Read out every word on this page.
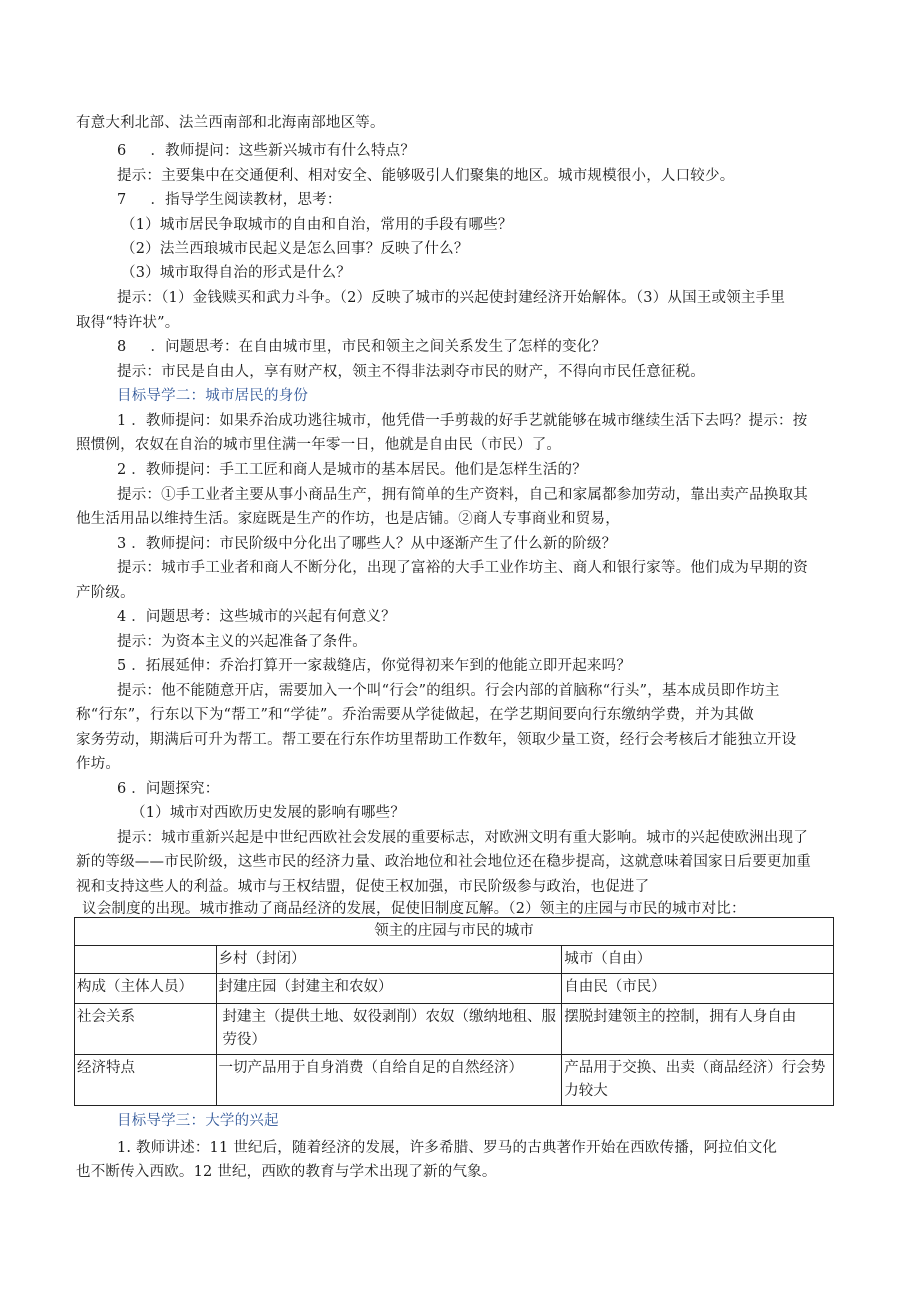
有意大利北部、法兰西南部和北海南部地区等。
6     ．教师提问：这些新兴城市有什么特点？
提示：主要集中在交通便利、相对安全、能够吸引人们聚集的地区。城市规模很小，人口较少。
7     ．指导学生阅读教材，思考：
（1）城市居民争取城市的自由和自治，常用的手段有哪些？
（2）法兰西琅城市民起义是怎么回事？反映了什么？
（3）城市取得自治的形式是什么？
提示：（1）金钱赎买和武力斗争。（2）反映了城市的兴起使封建经济开始解体。（3）从国王或领主手里
取得“特许状”。
8     ．问题思考：在自由城市里，市民和领主之间关系发生了怎样的变化？
提示：市民是自由人，享有财产权，领主不得非法剥夺市民的财产，不得向市民任意征税。
目标导学二：城市居民的身份
1 ．教师提问：如果乔治成功逃往城市，他凭借一手剪裁的好手艺就能够在城市继续生活下去吗？提示：按
照惯例，农奴在自治的城市里住满一年零一日，他就是自由民（市民）了。
2 ．教师提问：手工工匠和商人是城市的基本居民。他们是怎样生活的？
提示：①手工业者主要从事小商品生产，拥有简单的生产资料，自己和家属都参加劳动，靠出卖产品换取其
他生活用品以维持生活。家庭既是生产的作坊，也是店铺。②商人专事商业和贸易，
3 ．教师提问：市民阶级中分化出了哪些人？从中逐渐产生了什么新的阶级？
提示：城市手工业者和商人不断分化，出现了富裕的大手工业作坊主、商人和银行家等。他们成为早期的资
产阶级。
4 ．问题思考：这些城市的兴起有何意义？
提示：为资本主义的兴起准备了条件。
5 ．拓展延伸：乔治打算开一家裁缝店，你觉得初来乍到的他能立即开起来吗？
提示：他不能随意开店，需要加入一个叫“行会”的组织。行会内部的首脑称“行头”，基本成员即作坊主
称“行东”，行东以下为“帮工”和“学徒”。乔治需要从学徒做起，在学艺期间要向行东缴纳学费，并为其做
家务劳动，期满后可升为帮工。帮工要在行东作坊里帮助工作数年，领取少量工资，经行会考核后才能独立开设
作坊。
6 ．问题探究：
（1）城市对西欧历史发展的影响有哪些？
提示：城市重新兴起是中世纪西欧社会发展的重要标志，对欧洲文明有重大影响。城市的兴起使欧洲出现了
新的等级——市民阶级，这些市民的经济力量、政治地位和社会地位还在稳步提高，这就意味着国家日后要更加重
视和支持这些人的利益。城市与王权结盟，促使王权加强，市民阶级参与政治，也促进了
议会制度的出现。城市推动了商品经济的发展，促使旧制度瓦解。（2）领主的庄园与市民的城市对比：
领主的庄园与市民的城市		
	乡村（封闭）	城市（自由）
构成（主体人员）	封建庄园（封建主和农奴）	自由民（市民）
社会关系	封建主（提供土地、奴役剥削）农奴（缴纳地租、服劳役）	摆脱封建领主的控制，拥有人身自由
经济特点	一切产品用于自身消费（自给自足的自然经济）	产品用于交换、出卖（商品经济）行会势力较大
目标导学三：大学的兴起
1. 教师讲述：11 世纪后，随着经济的发展，许多希腊、罗马的古典著作开始在西欧传播，阿拉伯文化
也不断传入西欧。12 世纪，西欧的教育与学术出现了新的气象。
